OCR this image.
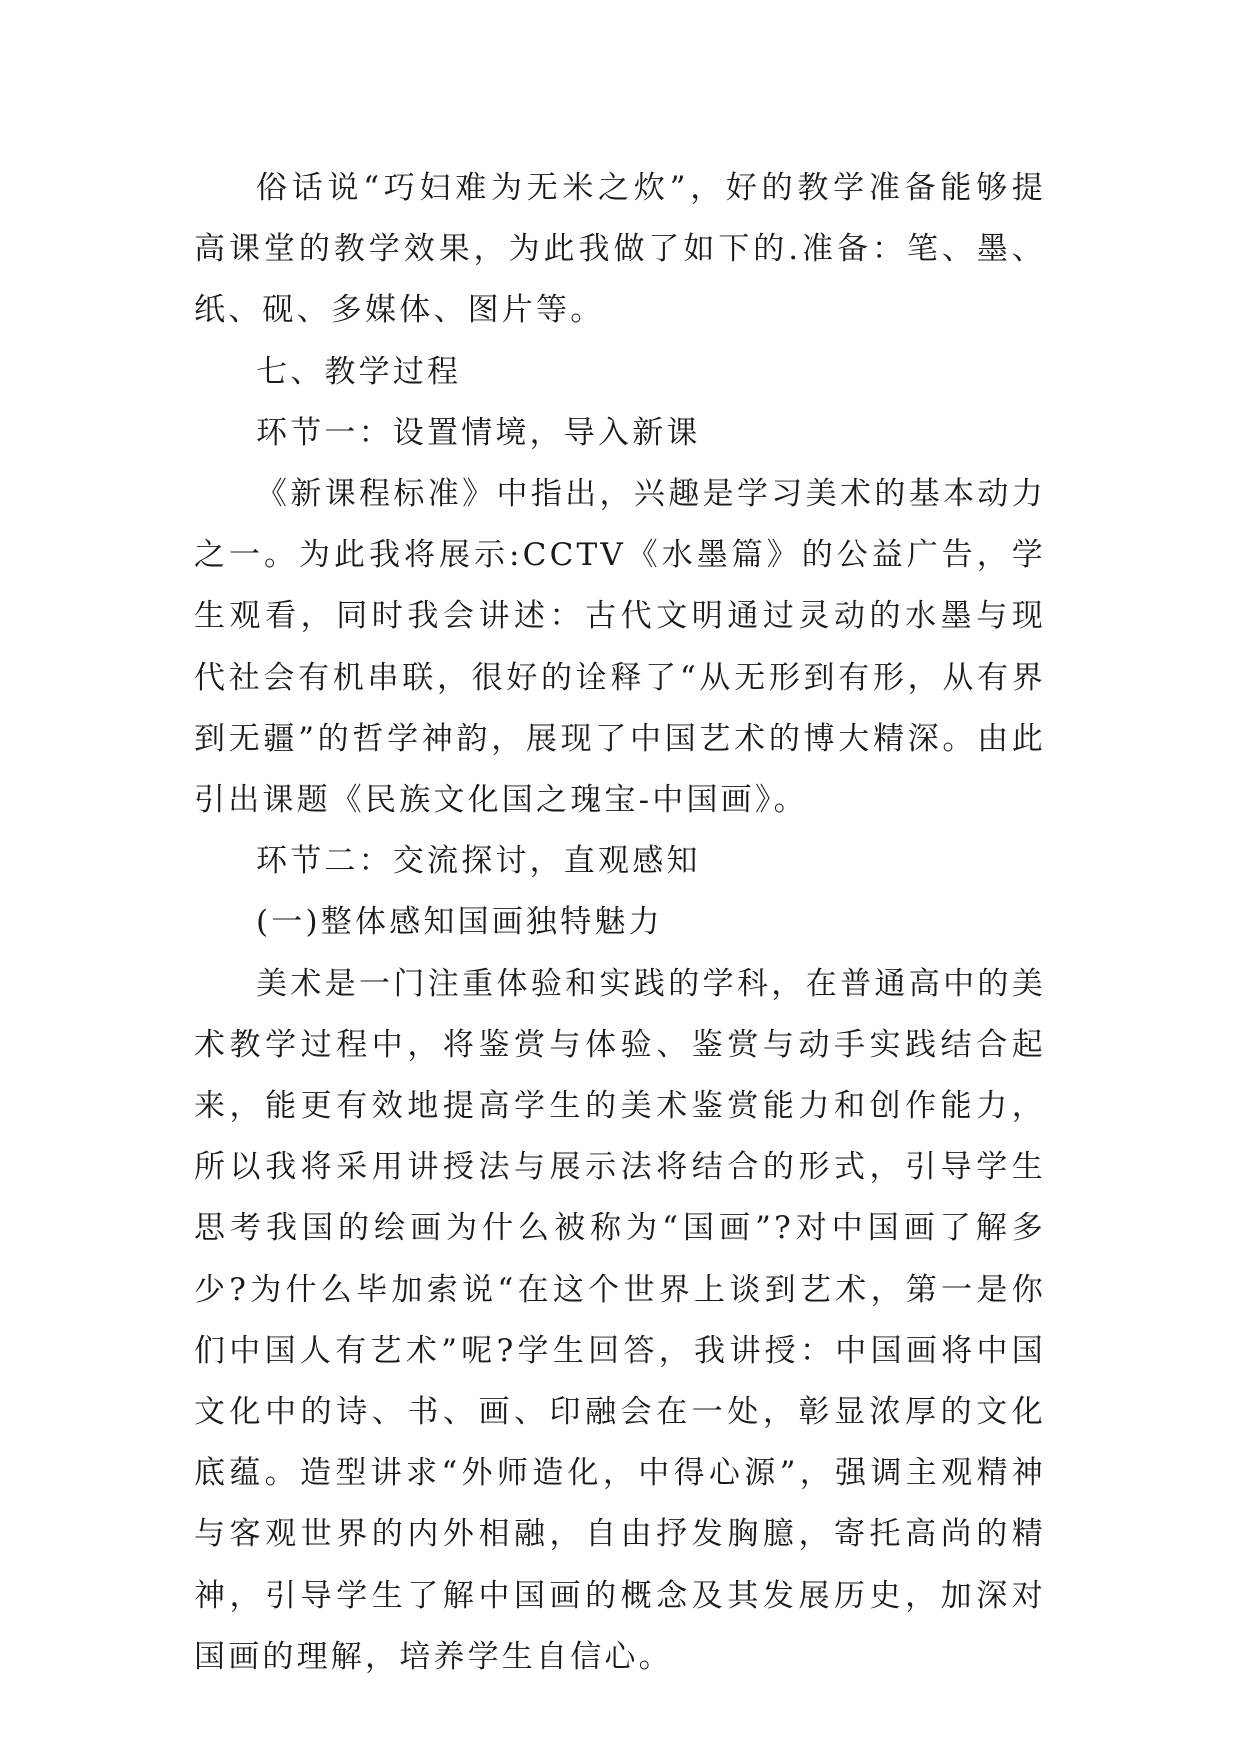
俗话说“巧妇难为无米之炊”，好的教学准备能够提高课堂的教学效果，为此我做了如下的.准备：笔、墨、纸、砚、多媒体、图片等。

七、教学过程

环节一：设置情境，导入新课

《新课程标准》中指出，兴趣是学习美术的基本动力之一。为此我将展示:CCTV《水墨篇》的公益广告，学生观看，同时我会讲述：古代文明通过灵动的水墨与现代社会有机串联，很好的诠释了“从无形到有形，从有界到无疆”的哲学神韵，展现了中国艺术的博大精深。由此引出课题《民族文化国之瑰宝-中国画》。

环节二：交流探讨，直观感知

(一)整体感知国画独特魅力

美术是一门注重体验和实践的学科，在普通高中的美术教学过程中，将鉴赏与体验、鉴赏与动手实践结合起来，能更有效地提高学生的美术鉴赏能力和创作能力，所以我将采用讲授法与展示法将结合的形式，引导学生思考我国的绘画为什么被称为“国画”?对中国画了解多少?为什么毕加索说“在这个世界上谈到艺术，第一是你们中国人有艺术”呢?学生回答，我讲授：中国画将中国文化中的诗、书、画、印融会在一处，彰显浓厚的文化底蕴。造型讲求“外师造化，中得心源”，强调主观精神与客观世界的内外相融，自由抒发胸臆，寄托高尚的精神，引导学生了解中国画的概念及其发展历史，加深对国画的理解，培养学生自信心。
